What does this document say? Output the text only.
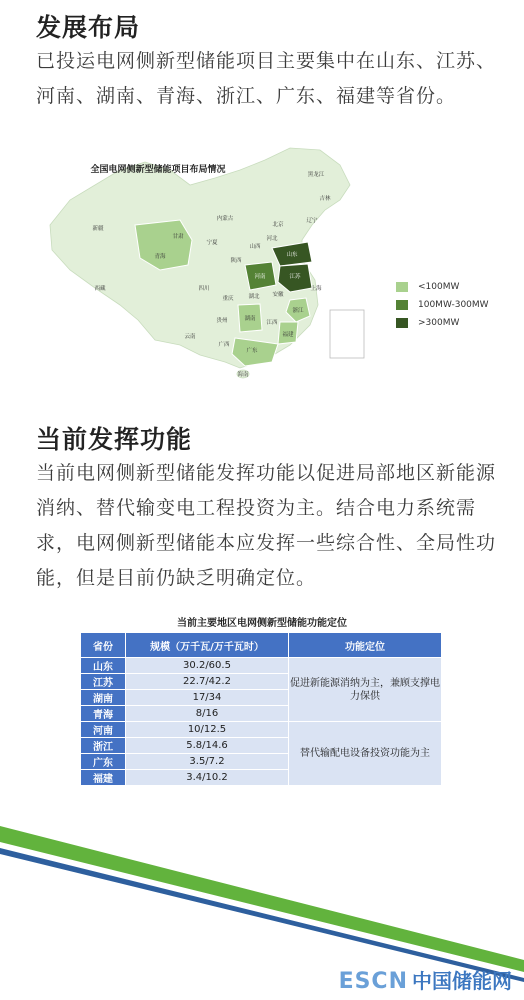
发展布局
已投运电网侧新型储能项目主要集中在山东、江苏、河南、湖南、青海、浙江、广东、福建等省份。
全国电网侧新型储能项目布局情况
新疆
西藏
青海
甘肃
内蒙古
黑龙江
吉林
辽宁
北京
河北
山西
陕西
宁夏
山东
河南	江苏
上海
安徽
湖北
四川
重庆
湖南
浙江
贵州	江西
云南
广西
广东
福建
海南
<100MW
100MW-300MW
>300MW
当前发挥功能
当前电网侧新型储能发挥功能以促进局部地区新能源消纳、替代输变电工程投资为主。结合电力系统需求，电网侧新型储能本应发挥一些综合性、全局性功能，但是目前仍缺乏明确定位。
当前主要地区电网侧新型储能功能定位
省份	规模（万千瓦/万千瓦时）	功能定位
山东	30.2/60.5	促进新能源消纳为主，兼顾支撑电力保供
江苏	22.7/42.2	
湖南	17/34	
青海	8/16	
河南	10/12.5	替代输配电设备投资功能为主
浙江	5.8/14.6	
广东	3.5/7.2	
福建	3.4/10.2	
ESCN 中国储能网
